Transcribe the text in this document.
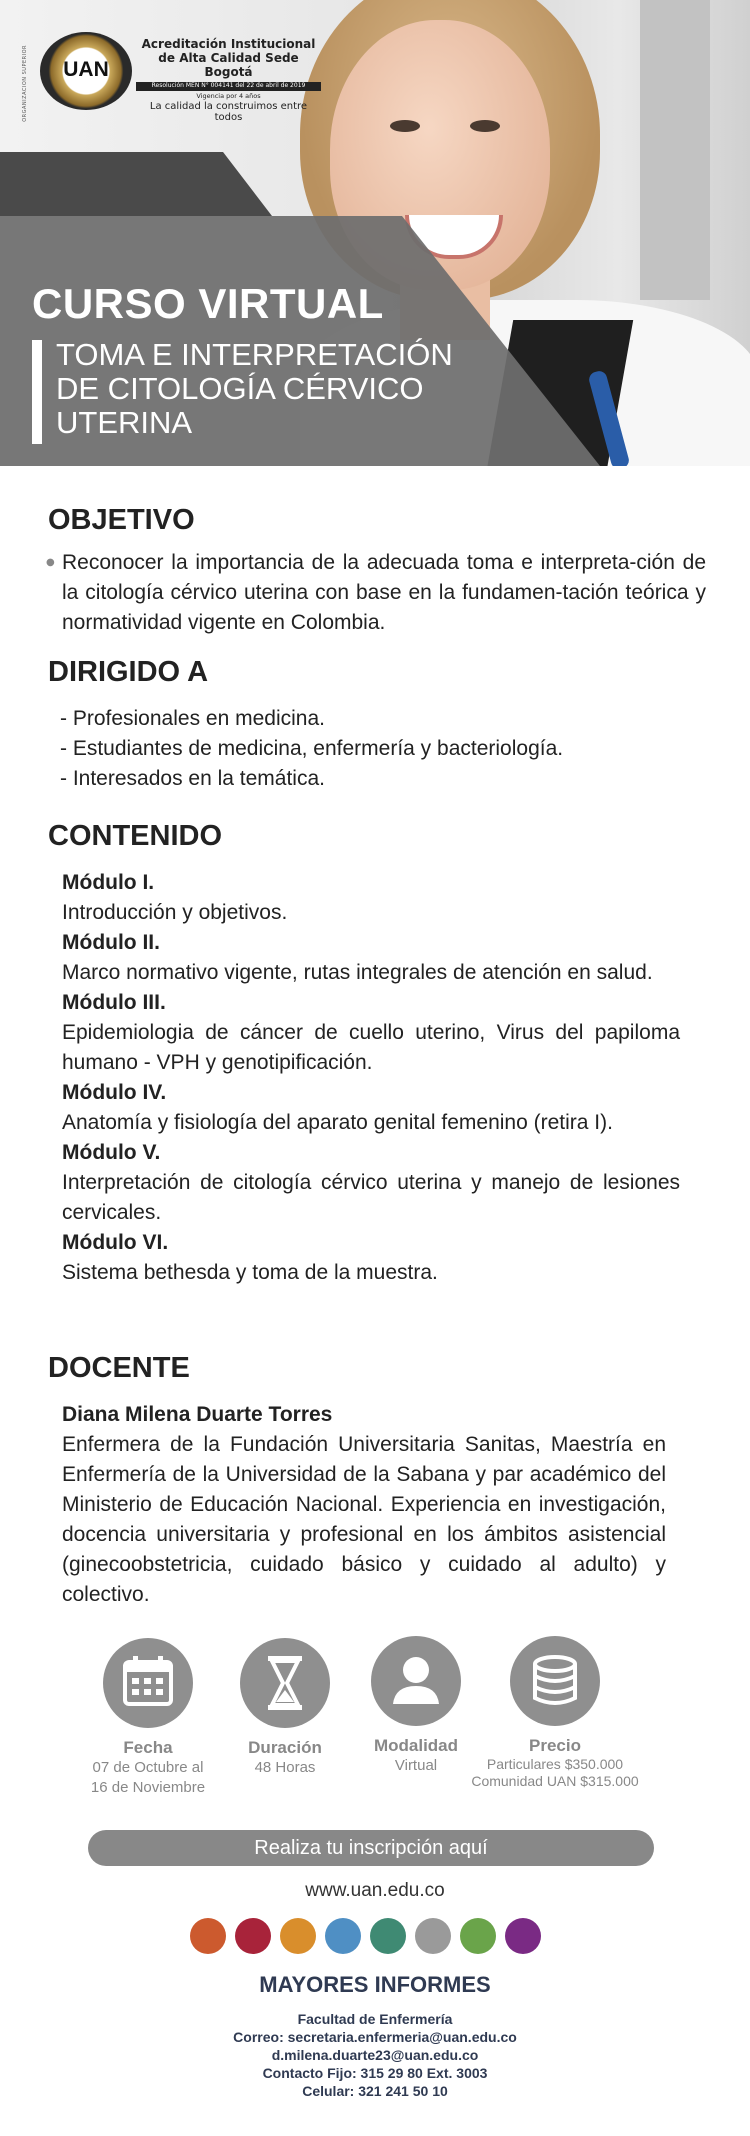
ORGANIZACION SUPERIOR	UAN
Acreditación Institucional
de Alta Calidad Sede Bogotá
Resolución MEN N° 004141 del 22 de abril de 2019
Vigencia por 4 años
La calidad la construimos entre todos
CURSO VIRTUAL
TOMA E INTERPRETACIÓN
DE CITOLOGÍA CÉRVICO
UTERINA
OBJETIVO
● Reconocer la importancia de la adecuada toma e interpreta-ción de la citología cérvico uterina con base en la fundamen-tación teórica y normatividad vigente en Colombia.
DIRIGIDO A
- Profesionales en medicina.
- Estudiantes de medicina, enfermería y bacteriología.
- Interesados en la temática.
CONTENIDO
Módulo I.
Introducción y objetivos.
Módulo II.
Marco normativo vigente, rutas integrales de atención en salud.
Módulo III.
Epidemiologia de cáncer de cuello uterino, Virus del papiloma humano - VPH y genotipificación.
Módulo IV.
Anatomía y fisiología del aparato genital femenino (retira I).
Módulo V.
Interpretación de citología cérvico uterina y manejo de lesiones cervicales.
Módulo VI.
Sistema bethesda y toma de la muestra.
DOCENTE
Diana Milena Duarte Torres
Enfermera de la Fundación Universitaria Sanitas, Maestría en Enfermería de la Universidad de la Sabana y par académico del Ministerio de Educación Nacional. Experiencia en investigación, docencia universitaria y profesional en los ámbitos asistencial (ginecoobstetricia, cuidado básico y cuidado al adulto) y colectivo.
Fecha
07 de Octubre al
16 de Noviembre
Duración
48 Horas
Modalidad
Virtual
Precio
Particulares $350.000
Comunidad UAN $315.000
Realiza tu inscripción aquí
www.uan.edu.co
MAYORES INFORMES
Facultad de Enfermería
Correo: secretaria.enfermeria@uan.edu.co
d.milena.duarte23@uan.edu.co
Contacto Fijo: 315 29 80 Ext. 3003
Celular: 321 241 50 10
